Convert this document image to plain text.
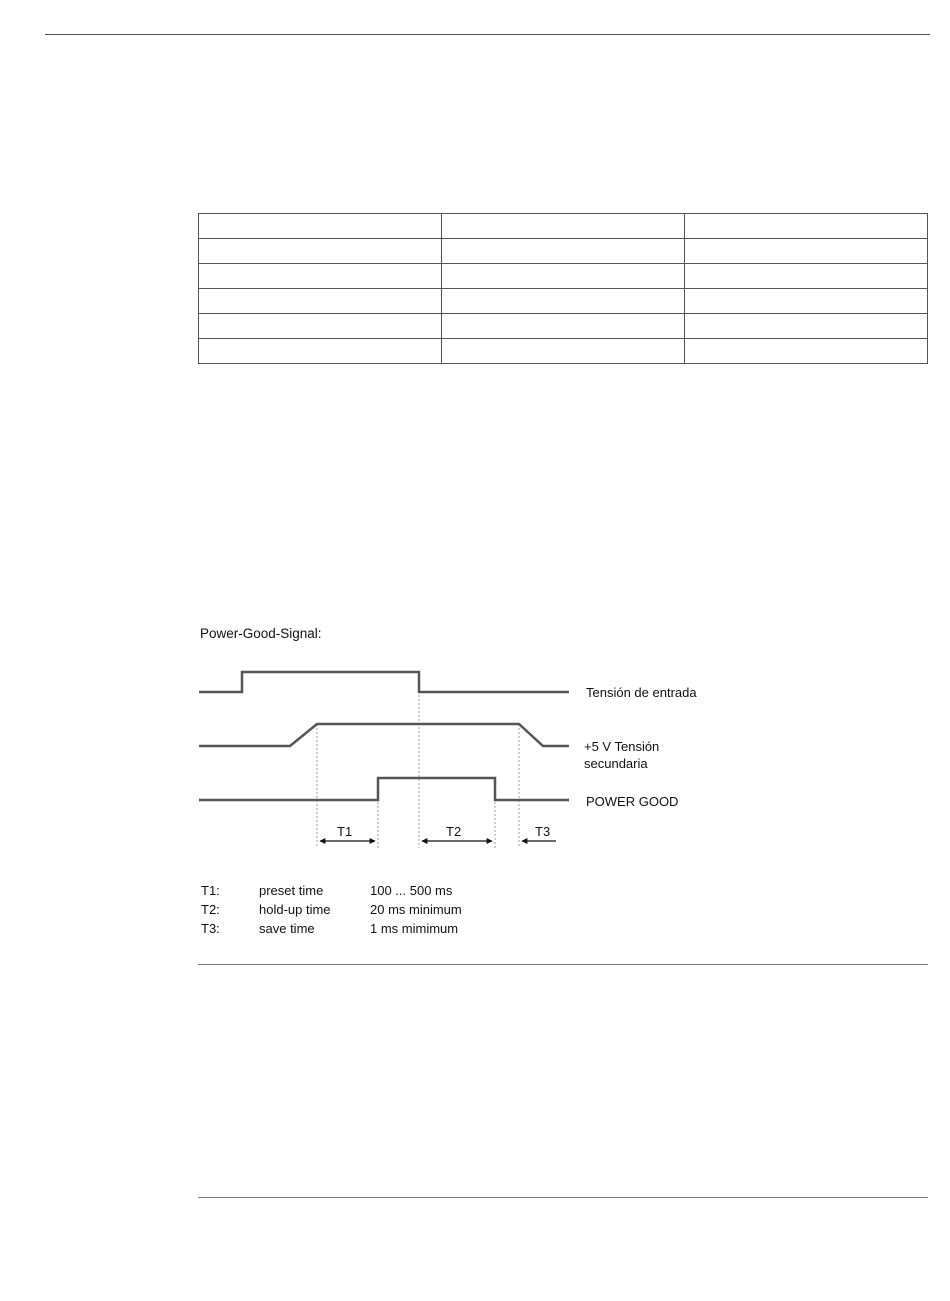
Power-Good-Signal:
T1	T2	T3
Tensión de entrada
+5 V Tensión
secundaria
POWER GOOD
T1:	preset time	100 ... 500 ms
T2:	hold-up time	20 ms minimum
T3:	save time	1 ms mimimum
